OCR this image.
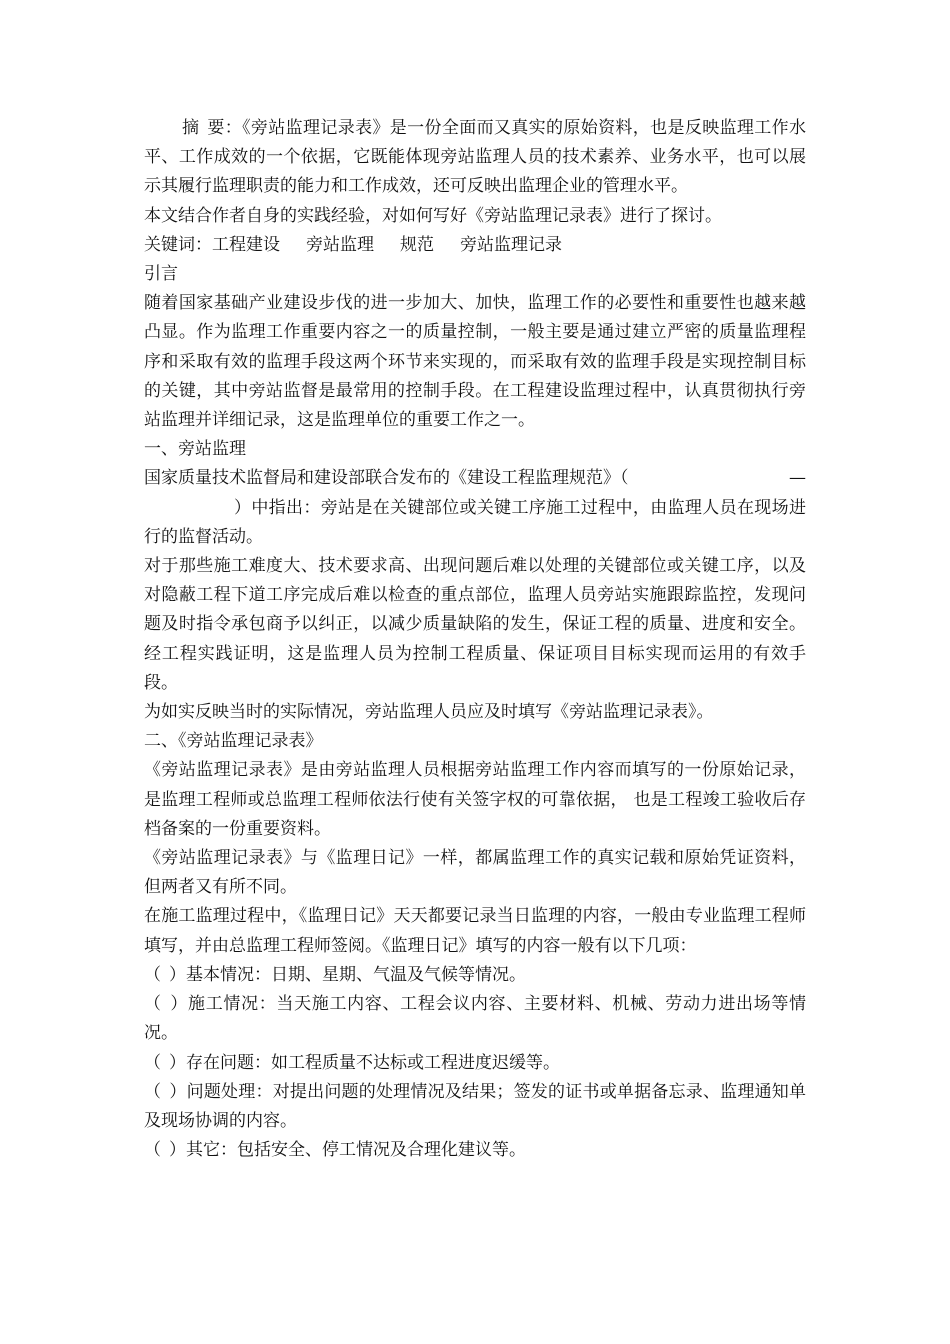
摘 要：《旁站监理记录表》是一份全面而又真实的原始资料，也是反映监理工作水平、工作成效的一个依据，它既能体现旁站监理人员的技术素养、业务水平，也可以展示其履行监理职责的能力和工作成效，还可反映出监理企业的管理水平。

本文结合作者自身的实践经验，对如何写好《旁站监理记录表》进行了探讨。

关键词：工程建设 旁站监理 规范 旁站监理记录

引言

随着国家基础产业建设步伐的进一步加大、加快，监理工作的必要性和重要性也越来越凸显。作为监理工作重要内容之一的质量控制，一般主要是通过建立严密的质量监理程序和采取有效的监理手段这两个环节来实现的，而采取有效的监理手段是实现控制目标的关键，其中旁站监督是最常用的控制手段。在工程建设监理过程中，认真贯彻执行旁站监理并详细记录，这是监理单位的重要工作之一。

一、旁站监理

国家质量技术监督局和建设部联合发布的《建设工程监理规范》（	—

）中指出：旁站是在关键部位或关键工序施工过程中，由监理人员在现场进行的监督活动。

对于那些施工难度大、技术要求高、出现问题后难以处理的关键部位或关键工序，以及对隐蔽工程下道工序完成后难以检查的重点部位，监理人员旁站实施跟踪监控，发现问题及时指令承包商予以纠正，以减少质量缺陷的发生，保证工程的质量、进度和安全。经工程实践证明，这是监理人员为控制工程质量、保证项目目标实现而运用的有效手段。

为如实反映当时的实际情况，旁站监理人员应及时填写《旁站监理记录表》。

二、《旁站监理记录表》

《旁站监理记录表》是由旁站监理人员根据旁站监理工作内容而填写的一份原始记录，是监理工程师或总监理工程师依法行使有关签字权的可靠依据， 也是工程竣工验收后存档备案的一份重要资料。

《旁站监理记录表》与《监理日记》一样，都属监理工作的真实记载和原始凭证资料，但两者又有所不同。

在施工监理过程中，《监理日记》天天都要记录当日监理的内容，一般由专业监理工程师填写，并由总监理工程师签阅。《监理日记》填写的内容一般有以下几项：

（ ）基本情况：日期、星期、气温及气候等情况。

（ ）施工情况：当天施工内容、工程会议内容、主要材料、机械、劳动力进出场等情况。

（ ）存在问题：如工程质量不达标或工程进度迟缓等。

（ ）问题处理：对提出问题的处理情况及结果；签发的证书或单据备忘录、监理通知单及现场协调的内容。

（ ）其它：包括安全、停工情况及合理化建议等。
